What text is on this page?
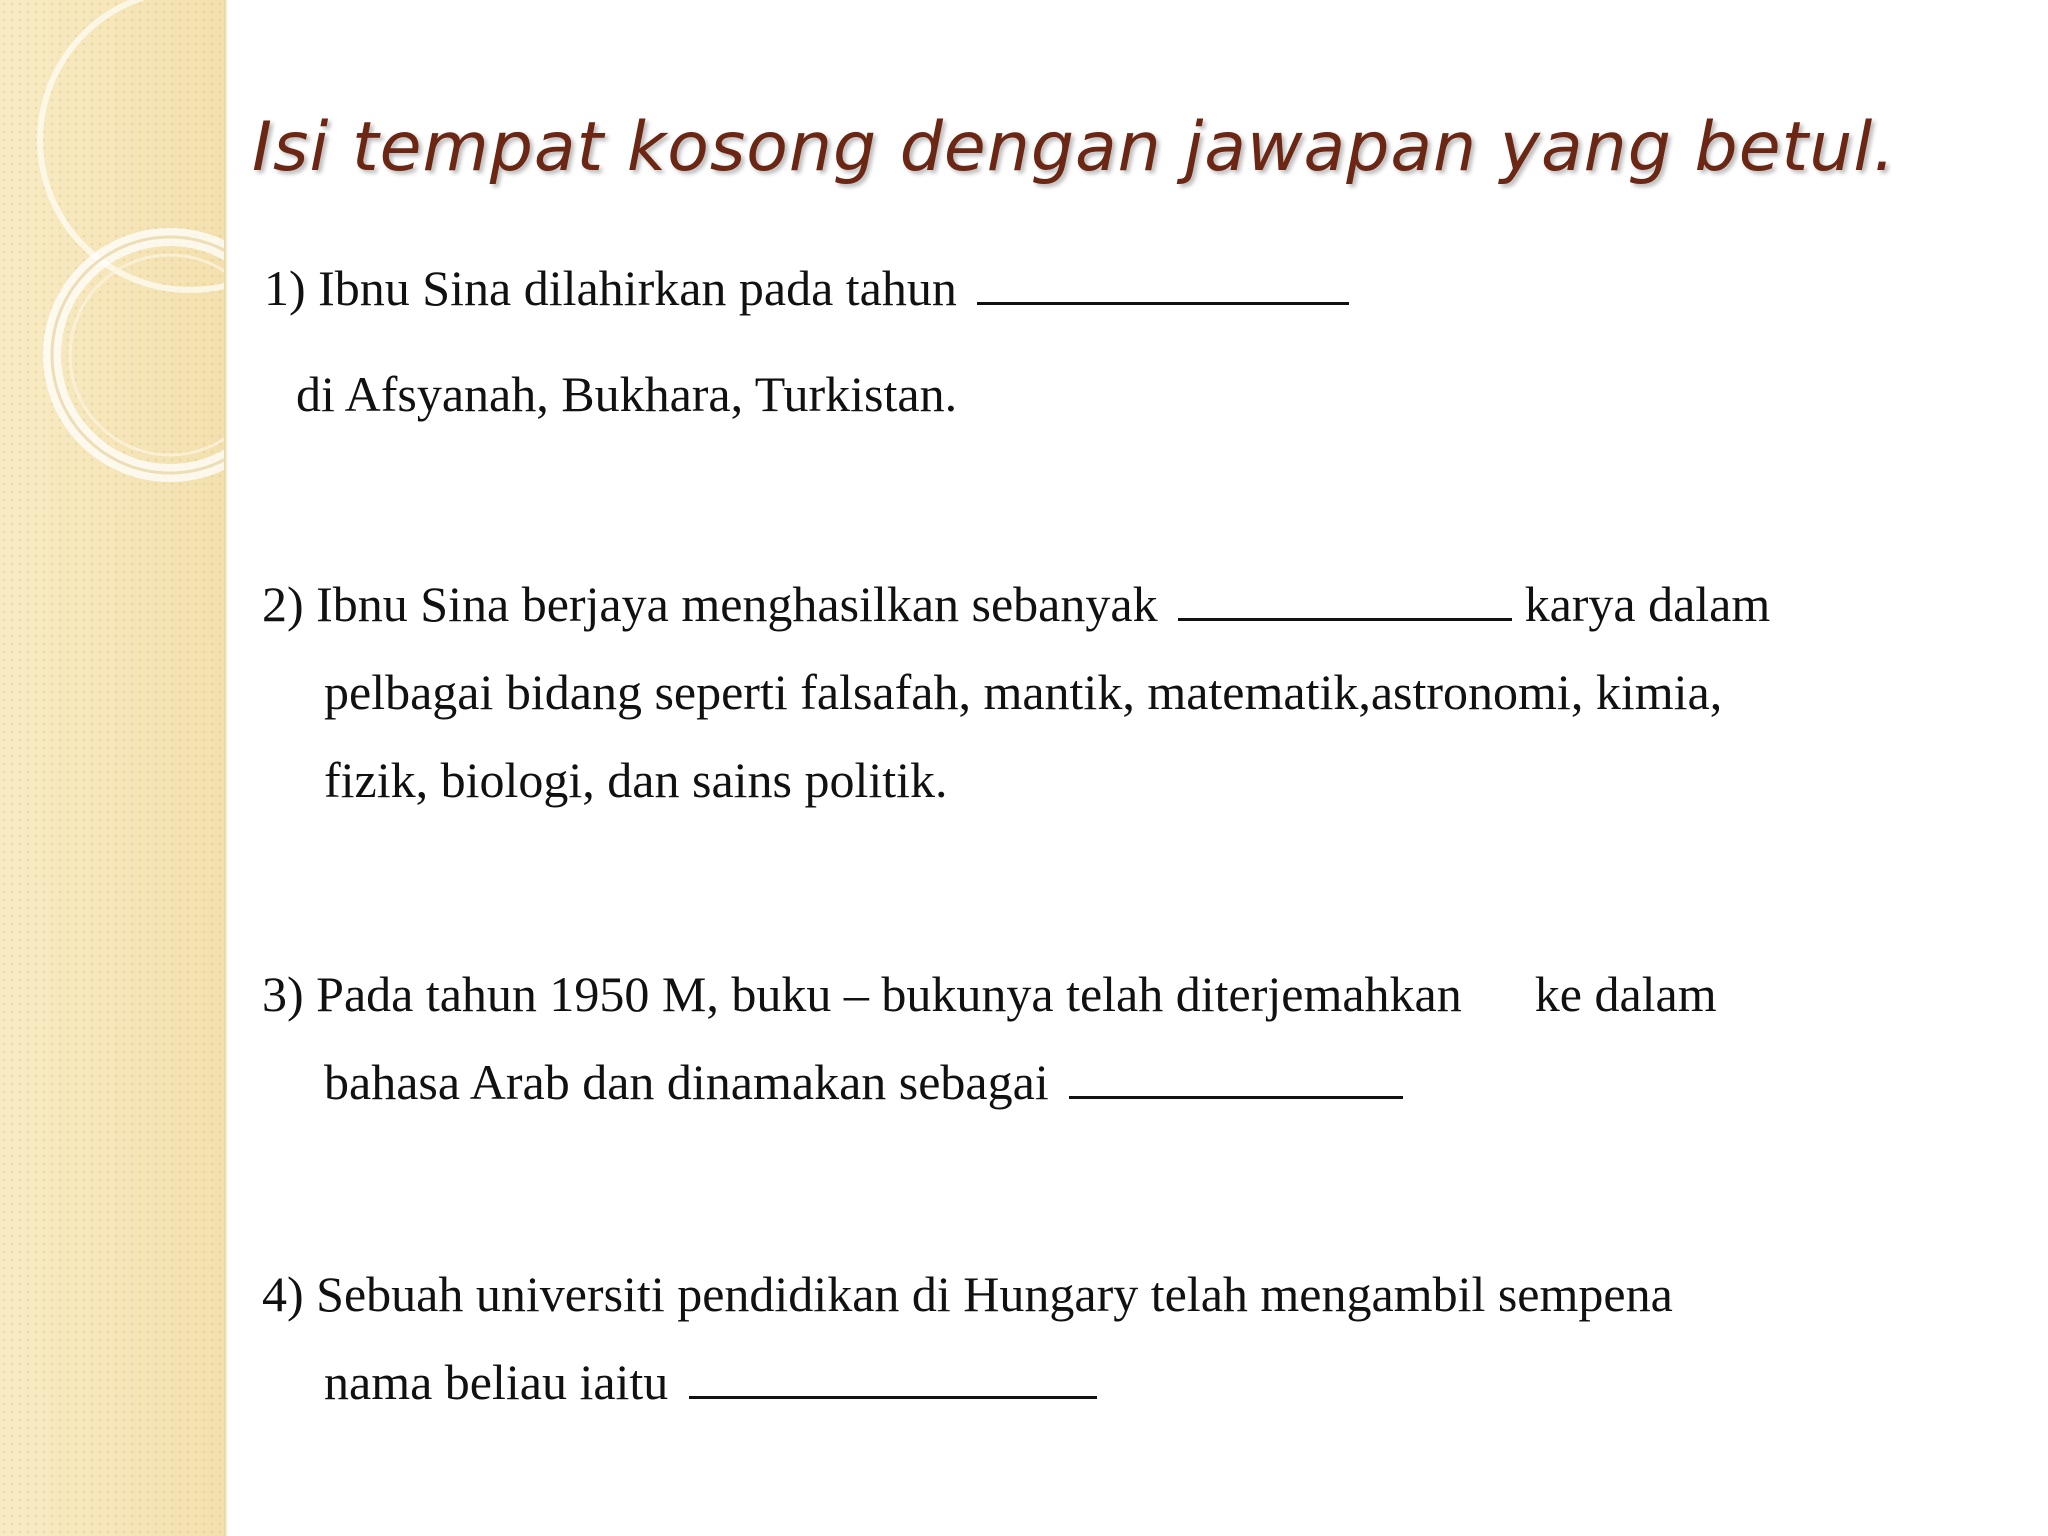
Isi tempat kosong dengan jawapan yang betul.
1) Ibnu Sina dilahirkan pada tahun
di Afsyanah, Bukhara, Turkistan.
2) Ibnu Sina berjaya menghasilkan sebanyak	karya dalam
pelbagai bidang seperti falsafah, mantik, matematik,astronomi, kimia,
fizik, biologi, dan sains politik.
3) Pada tahun 1950 M, buku – bukunya telah diterjemahkan ke dalam
bahasa Arab dan dinamakan sebagai
4) Sebuah universiti pendidikan di Hungary telah mengambil sempena
nama beliau iaitu
